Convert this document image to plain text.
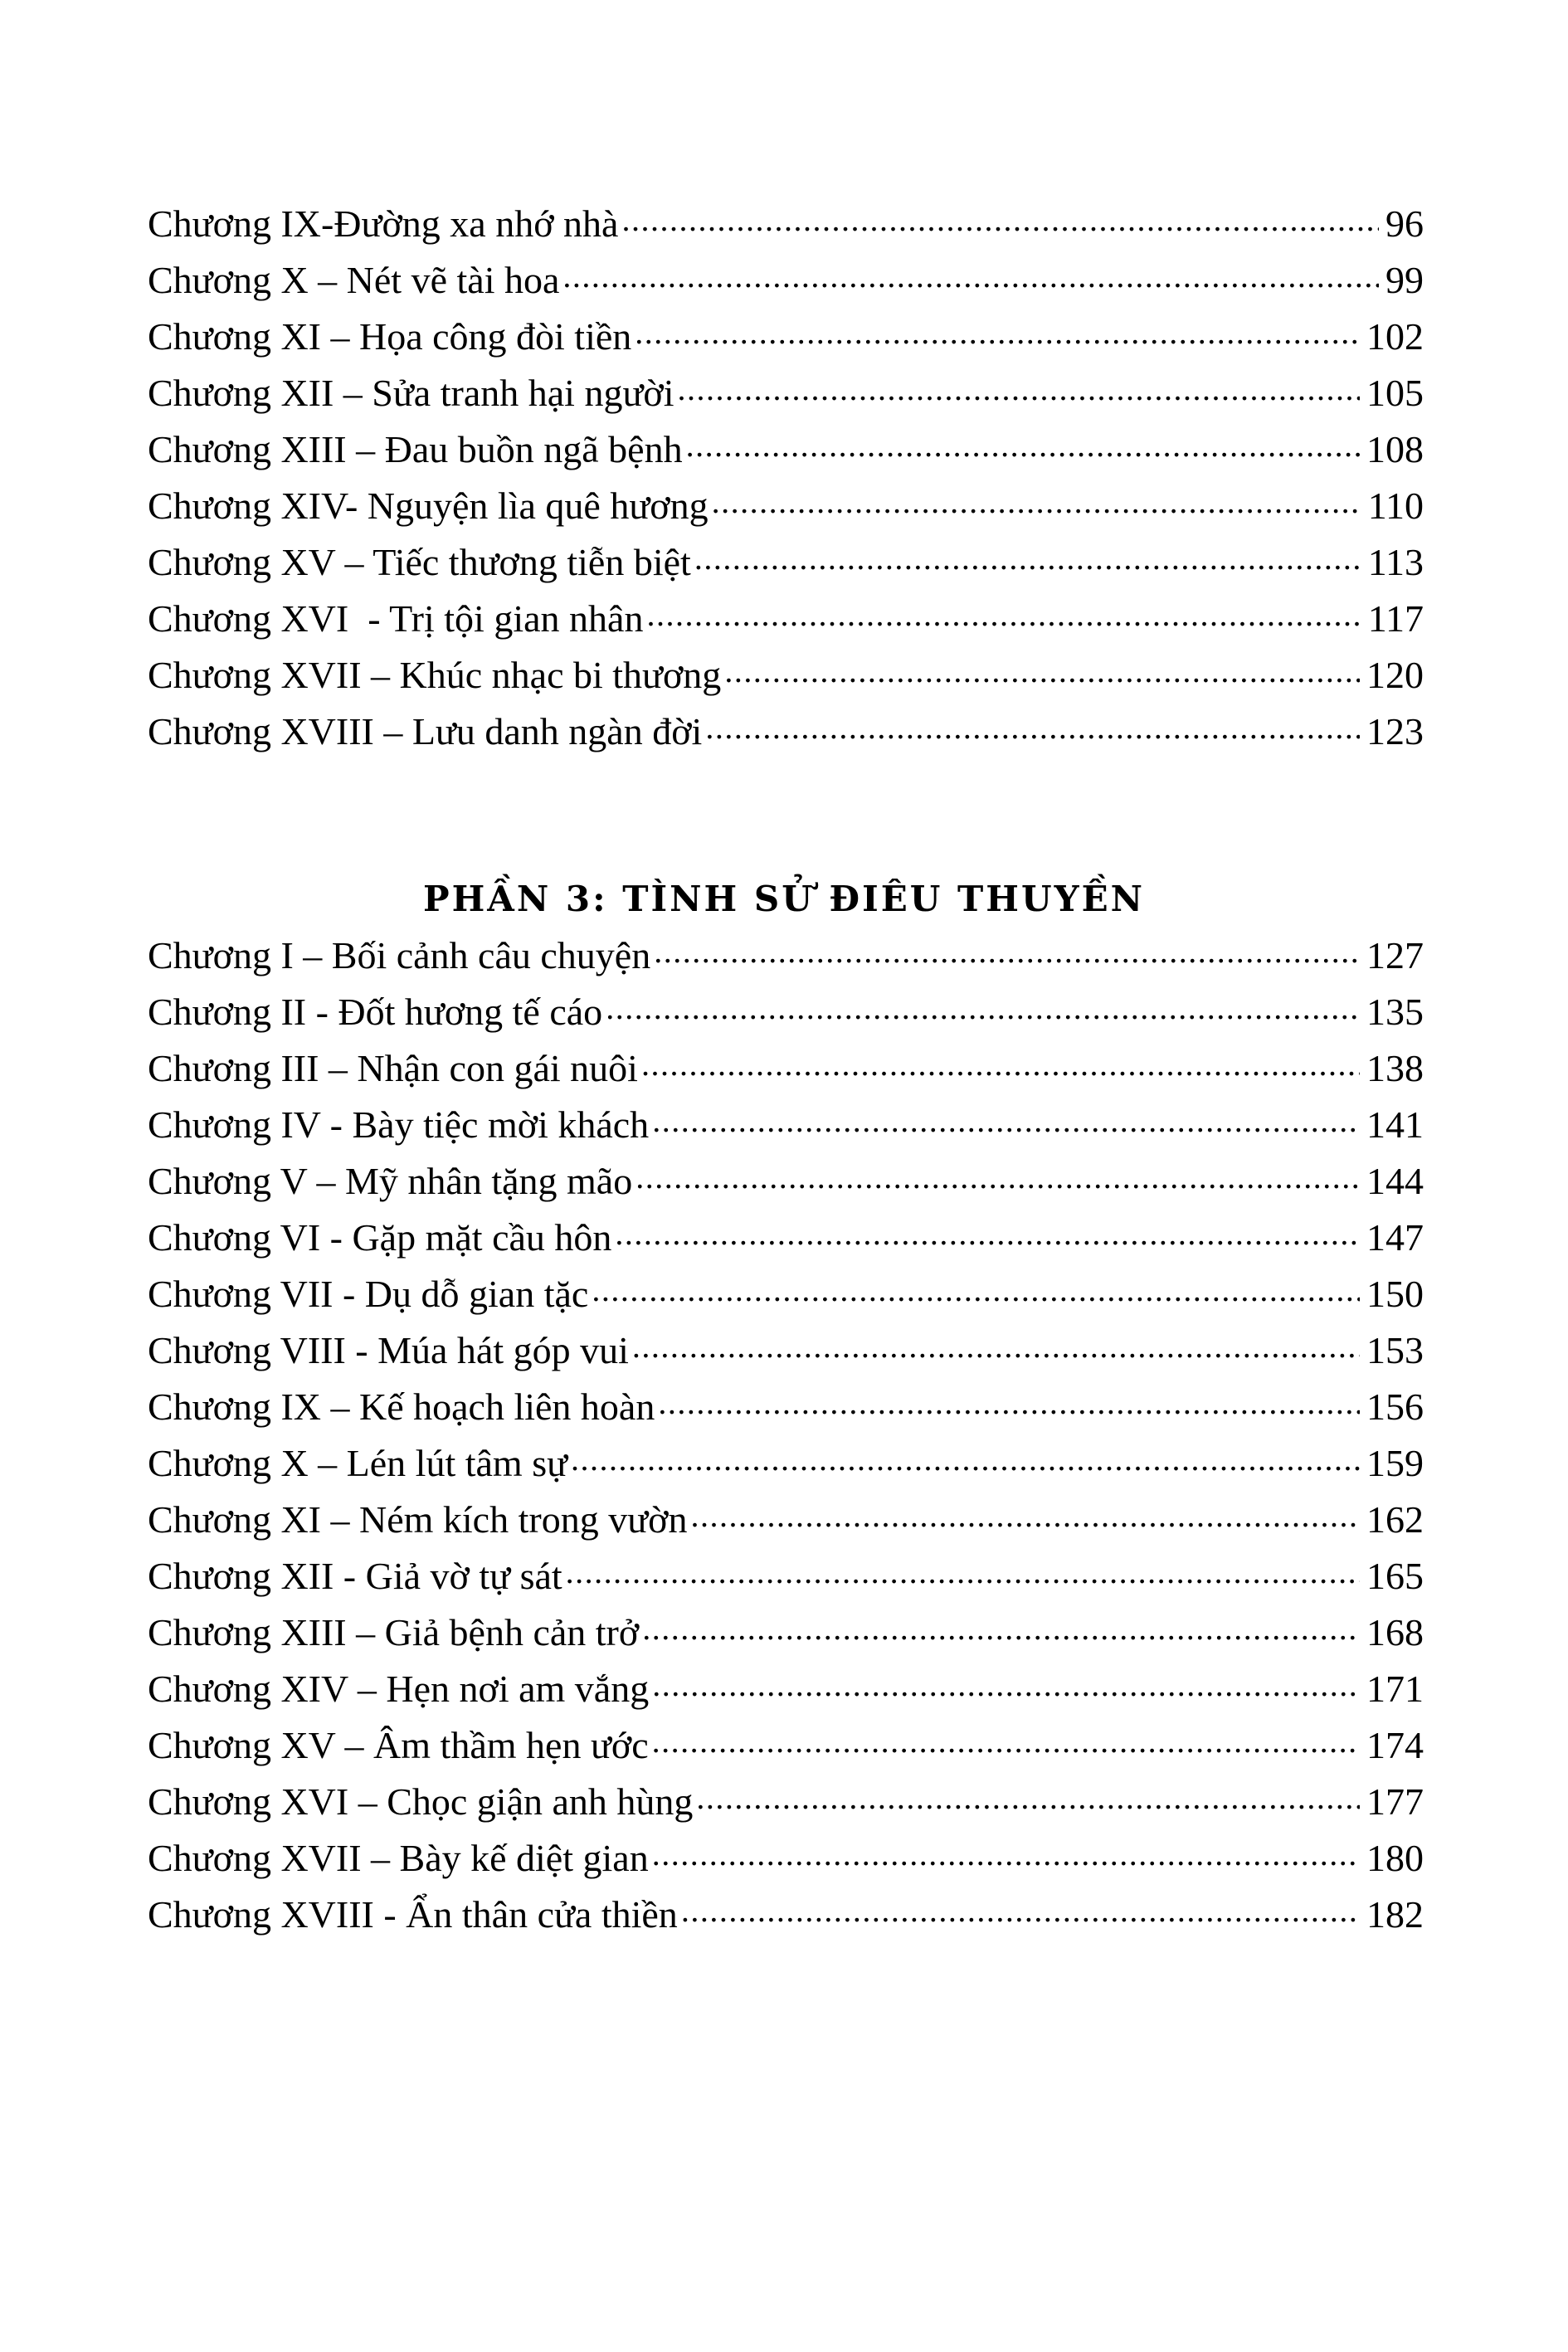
Chương IX-Đường xa nhớ nhà .....	96
Chương X – Nét vẽ tài hoa .....	99
Chương XI – Họa công đòi tiền .....	102
Chương XII – Sửa tranh hại người .....	105
Chương XIII – Đau buồn ngã bệnh .....	108
Chương XIV- Nguyện lìa quê hương .....	110
Chương XV – Tiếc thương tiễn biệt .....	113
Chương XVI  - Trị tội gian nhân .....	117
Chương XVII – Khúc nhạc bi thương .....	120
Chương XVIII – Lưu danh ngàn đời .....	123
PHẦN 3: TÌNH SỬ ĐIÊU THUYỀN
Chương I – Bối cảnh câu chuyện .....	127
Chương II - Đốt hương tế cáo .....	135
Chương III – Nhận con gái nuôi .....	138
Chương IV - Bày tiệc mời khách .....	141
Chương V – Mỹ nhân tặng mão .....	144
Chương VI - Gặp mặt cầu hôn .....	147
Chương VII - Dụ dỗ gian tặc .....	150
Chương VIII - Múa hát góp vui .....	153
Chương IX – Kế hoạch liên hoàn .....	156
Chương X – Lén lút tâm sự .....	159
Chương XI – Ném kích trong vườn .....	162
Chương XII - Giả vờ tự sát .....	165
Chương XIII – Giả bệnh cản trở .....	168
Chương XIV – Hẹn nơi am vắng .....	171
Chương XV – Âm thầm hẹn ước .....	174
Chương XVI – Chọc giận anh hùng .....	177
Chương XVII – Bày kế diệt gian .....	180
Chương XVIII - Ẩn thân cửa thiền .....	182
